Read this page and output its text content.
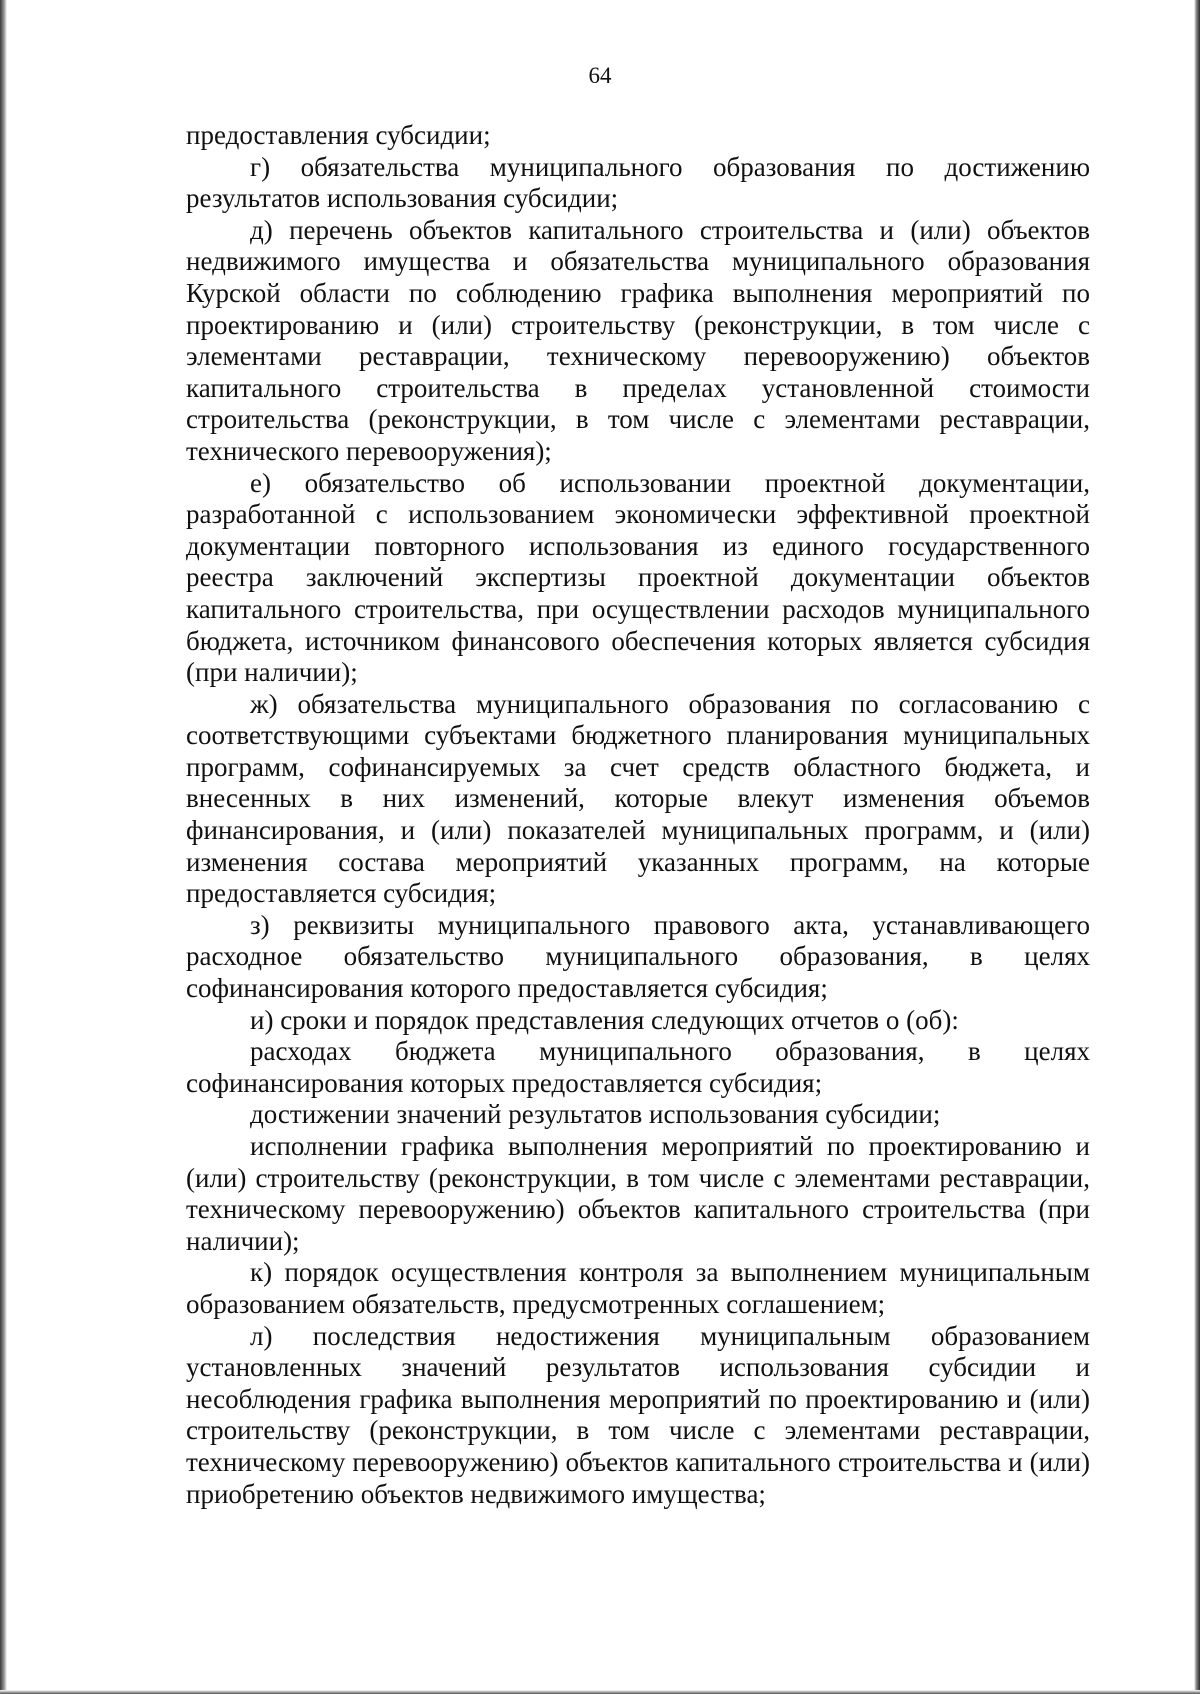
64

предоставления субсидии;

г) обязательства муниципального образования по достижению результатов использования субсидии;

д) перечень объектов капитального строительства и (или) объектов недвижимого имущества и обязательства муниципального образования Курской области по соблюдению графика выполнения мероприятий по проектированию и (или) строительству (реконструкции, в том числе с элементами реставрации, техническому перевооружению) объектов капитального строительства в пределах установленной стоимости строительства (реконструкции, в том числе с элементами реставрации, технического перевооружения);

е) обязательство об использовании проектной документации, разработанной с использованием экономически эффективной проектной документации повторного использования из единого государственного реестра заключений экспертизы проектной документации объектов капитального строительства, при осуществлении расходов муниципального бюджета, источником финансового обеспечения которых является субсидия (при наличии);

ж) обязательства муниципального образования по согласованию с соответствующими субъектами бюджетного планирования муниципальных программ, софинансируемых за счет средств областного бюджета, и внесенных в них изменений, которые влекут изменения объемов финансирования, и (или) показателей муниципальных программ, и (или) изменения состава мероприятий указанных программ, на которые предоставляется субсидия;

з) реквизиты муниципального правового акта, устанавливающего расходное обязательство муниципального образования, в целях софинансирования которого предоставляется субсидия;

и) сроки и порядок представления следующих отчетов о (об):

расходах бюджета муниципального образования, в целях софинансирования которых предоставляется субсидия;

достижении значений результатов использования субсидии;

исполнении графика выполнения мероприятий по проектированию и (или) строительству (реконструкции, в том числе с элементами реставрации, техническому перевооружению) объектов капитального строительства (при наличии);

к) порядок осуществления контроля за выполнением муниципальным образованием обязательств, предусмотренных соглашением;

л) последствия недостижения муниципальным образованием установленных значений результатов использования субсидии и несоблюдения графика выполнения мероприятий по проектированию и (или) строительству (реконструкции, в том числе с элементами реставрации, техническому перевооружению) объектов капитального строительства и (или) приобретению объектов недвижимого имущества;
